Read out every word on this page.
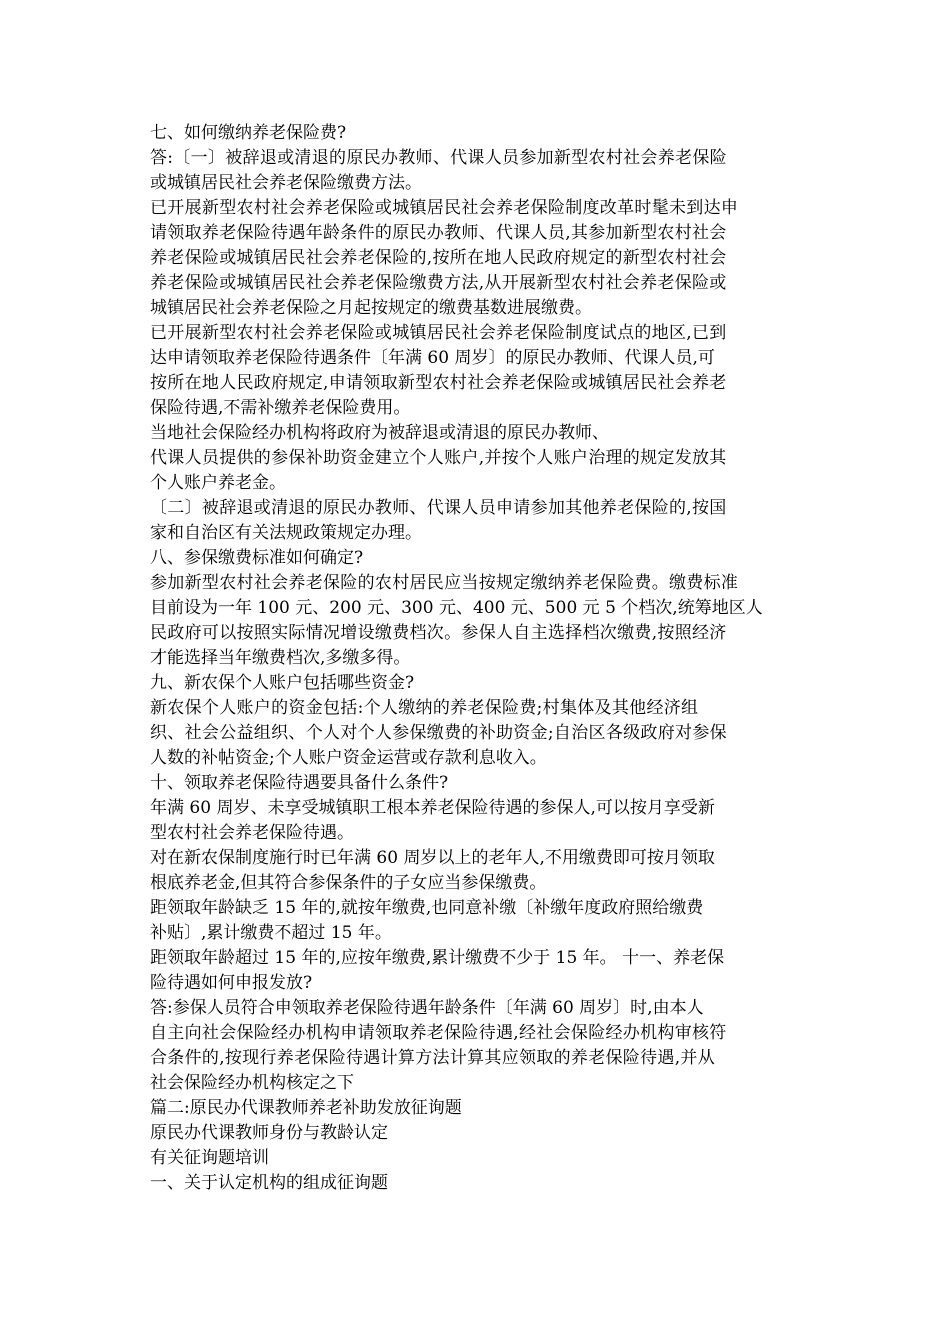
七、如何缴纳养老保险费?
答:〔一〕被辞退或清退的原民办教师、代课人员参加新型农村社会养老保险
或城镇居民社会养老保险缴费方法。
已开展新型农村社会养老保险或城镇居民社会养老保险制度改革时髦未到达申
请领取养老保险待遇年龄条件的原民办教师、代课人员,其参加新型农村社会
养老保险或城镇居民社会养老保险的,按所在地人民政府规定的新型农村社会
养老保险或城镇居民社会养老保险缴费方法,从开展新型农村社会养老保险或
城镇居民社会养老保险之月起按规定的缴费基数进展缴费。
已开展新型农村社会养老保险或城镇居民社会养老保险制度试点的地区,已到
达申请领取养老保险待遇条件〔年满 60 周岁〕的原民办教师、代课人员,可
按所在地人民政府规定,申请领取新型农村社会养老保险或城镇居民社会养老
保险待遇,不需补缴养老保险费用。
当地社会保险经办机构将政府为被辞退或清退的原民办教师、
代课人员提供的参保补助资金建立个人账户,并按个人账户治理的规定发放其
个人账户养老金。
〔二〕被辞退或清退的原民办教师、代课人员申请参加其他养老保险的,按国
家和自治区有关法规政策规定办理。
八、参保缴费标准如何确定?
参加新型农村社会养老保险的农村居民应当按规定缴纳养老保险费。缴费标准
目前设为一年 100 元、200 元、300 元、400 元、500 元 5 个档次,统筹地区人
民政府可以按照实际情况增设缴费档次。参保人自主选择档次缴费,按照经济
才能选择当年缴费档次,多缴多得。
九、新农保个人账户包括哪些资金?
新农保个人账户的资金包括:个人缴纳的养老保险费;村集体及其他经济组
织、社会公益组织、个人对个人参保缴费的补助资金;自治区各级政府对参保
人数的补帖资金;个人账户资金运营或存款利息收入。
十、领取养老保险待遇要具备什么条件?
年满 60 周岁、未享受城镇职工根本养老保险待遇的参保人,可以按月享受新
型农村社会养老保险待遇。
对在新农保制度施行时已年满 60 周岁以上的老年人,不用缴费即可按月领取
根底养老金,但其符合参保条件的子女应当参保缴费。
距领取年龄缺乏 15 年的,就按年缴费,也同意补缴〔补缴年度政府照给缴费
补贴〕,累计缴费不超过 15 年。
距领取年龄超过 15 年的,应按年缴费,累计缴费不少于 15 年。 十一、养老保
险待遇如何申报发放?
答:参保人员符合申领取养老保险待遇年龄条件〔年满 60 周岁〕时,由本人
自主向社会保险经办机构申请领取养老保险待遇,经社会保险经办机构审核符
合条件的,按现行养老保险待遇计算方法计算其应领取的养老保险待遇,并从
社会保险经办机构核定之下
篇二:原民办代课教师养老补助发放征询题
原民办代课教师身份与教龄认定
有关征询题培训
一、关于认定机构的组成征询题
